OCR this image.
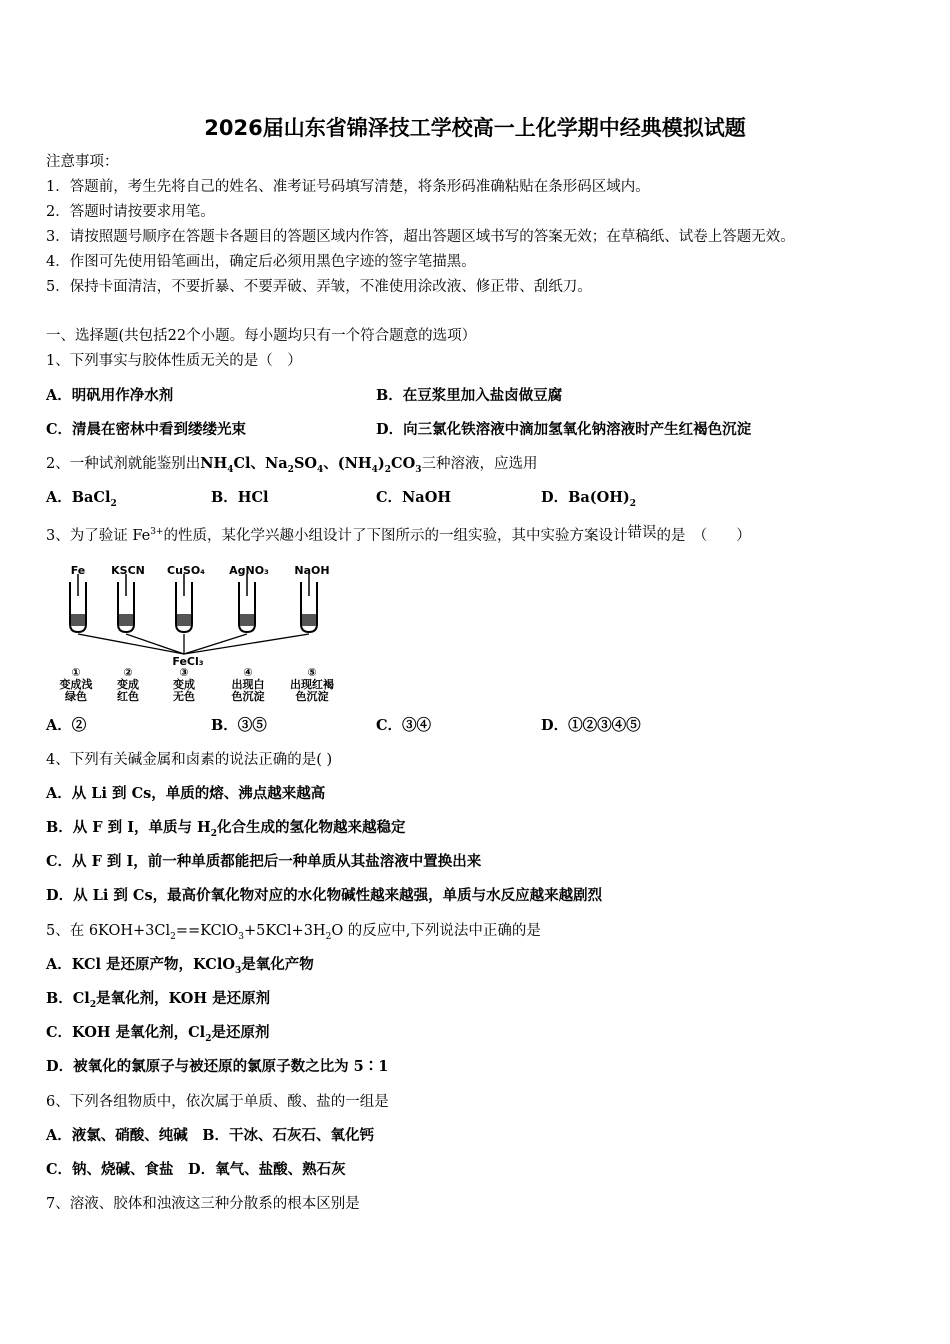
2026届山东省锦泽技工学校高一上化学期中经典模拟试题
注意事项：
1．答题前，考生先将自己的姓名、准考证号码填写清楚，将条形码准确粘贴在条形码区域内。
2．答题时请按要求用笔。
3．请按照题号顺序在答题卡各题目的答题区域内作答，超出答题区域书写的答案无效；在草稿纸、试卷上答题无效。
4．作图可先使用铅笔画出，确定后必须用黑色字迹的签字笔描黑。
5．保持卡面清洁，不要折暴、不要弄破、弄皱，不准使用涂改液、修正带、刮纸刀。
一、选择题(共包括22个小题。每小题均只有一个符合题意的选项）
1、下列事实与胶体性质无关的是（　）
A．明矾用作净水剂	B．在豆浆里加入盐卤做豆腐
C．清晨在密林中看到缕缕光束	D．向三氯化铁溶液中滴加氢氧化钠溶液时产生红褐色沉淀
2、一种试剂就能鉴别出$NH_4Cl$、$Na_2SO_4$、$(NH_4)_2CO_3$三种溶液，应选用
A．BaCl$_2$	B．HCl	C．NaOH	D．$Ba(OH)_2$
3、为了验证 $Fe^{3+}$的性质，某化学兴趣小组设计了下图所示的一组实验，其中实验方案设计错误的是　（　　）
Fe KSCN CuSO₄ AgNO₃ NaOH
FeCl₃
①	②	③	④	⑤
变成浅 变成	变成	出现白 出现红褐
绿色	红色	无色	色沉淀	色沉淀
A．②	B．③⑤	C．③④	D．①②③④⑤
4、下列有关碱金属和卤素的说法正确的是( )
A．从 Li 到 Cs，单质的熔、沸点越来越高
B．从 F 到 I，单质与 $H_2$化合生成的氢化物越来越稳定
C．从 F 到 I，前一种单质都能把后一种单质从其盐溶液中置换出来
D．从 Li 到 Cs，最高价氧化物对应的水化物碱性越来越强，单质与水反应越来越剧烈
5、在 $6KOH+3Cl_2==KClO_3+5KCl+3H_2O$ 的反应中,下列说法中正确的是
A．KCl 是还原产物，KClO$_3$是氧化产物
B．$Cl_2$是氧化剂，KOH 是还原剂
C．KOH 是氧化剂，$Cl_2$是还原剂
D．被氧化的氯原子与被还原的氯原子数之比为 5∶1
6、下列各组物质中，依次属于单质、酸、盐的一组是
A．液氯、硝酸、纯碱　B．干冰、石灰石、氧化钙
C．钠、烧碱、食盐　D．氧气、盐酸、熟石灰
7、溶液、胶体和浊液这三种分散系的根本区别是
